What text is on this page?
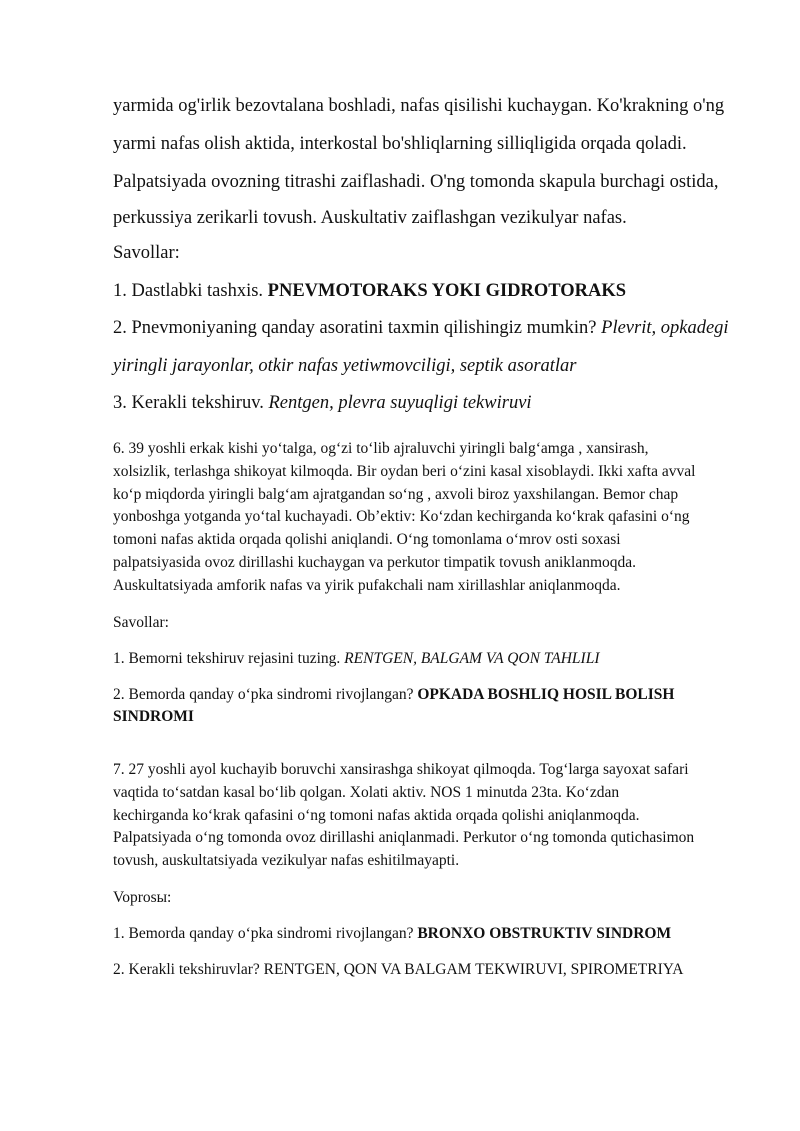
yarmida og'irlik bezovtalana boshladi, nafas qisilishi kuchaygan. Ko'krakning o'ng

yarmi nafas olish aktida, interkostal bo'shliqlarning silliqligida orqada qoladi.

Palpatsiyada ovozning titrashi zaiflashadi. O'ng tomonda skapula burchagi ostida,

perkussiya zerikarli tovush. Auskultativ zaiflashgan vezikulyar nafas.

Savollar:

1. Dastlabki tashxis. PNEVMOTORAKS YOKI GIDROTORAKS

2. Pnevmoniyaning qanday asoratini taxmin qilishingiz mumkin? Plevrit, opkadegi
yiringli jarayonlar, otkir nafas yetiwmovciligi, septik asoratlar

3. Kerakli tekshiruv. Rentgen, plevra suyuqligi tekwiruvi

6. 39 yoshli erkak kishi yo‘talga, og‘zi to‘lib ajraluvchi yiringli balg‘amga , xansirash,

xolsizlik, terlashga shikoyat kilmoqda. Bir oydan beri o‘zini kasal xisoblaydi. Ikki xafta avval

ko‘p miqdorda yiringli balg‘am ajratgandan so‘ng , axvoli biroz yaxshilangan. Bemor chap

yonboshga yotganda yo‘tal kuchayadi. Ob’ektiv: Ko‘zdan kechirganda ko‘krak qafasini o‘ng

tomoni nafas aktida orqada qolishi aniqlandi. O‘ng tomonlama o‘mrov osti soxasi

palpatsiyasida ovoz dirillashi kuchaygan va perkutor timpatik tovush aniklanmoqda.

Auskultatsiyada amforik nafas va yirik pufakchali nam xirillashlar aniqlanmoqda.

Savollar:

1. Bemorni tekshiruv rejasini tuzing. RENTGEN, BALGAM VA QON TAHLILI

2. Bemorda qanday o‘pka sindromi rivojlangan? OPKADA BOSHLIQ HOSIL BOLISH
SINDROMI

7. 27 yoshli ayol kuchayib boruvchi xansirashga shikoyat qilmoqda. Tog‘larga sayoxat safari

vaqtida to‘satdan kasal bo‘lib qolgan. Xolati aktiv. NOS 1 minutda 23ta. Ko‘zdan

kechirganda ko‘krak qafasini o‘ng tomoni nafas aktida orqada qolishi aniqlanmoqda.

Palpatsiyada o‘ng tomonda ovoz dirillashi aniqlanmadi. Perkutor o‘ng tomonda qutichasimon

tovush, auskultatsiyada vezikulyar nafas eshitilmayapti.

Voprosы:

1. Bemorda qanday o‘pka sindromi rivojlangan? BRONXO OBSTRUKTIV SINDROM

2. Kerakli tekshiruvlar? RENTGEN, QON VA BALGAM TEKWIRUVI, SPIROMETRIYA
